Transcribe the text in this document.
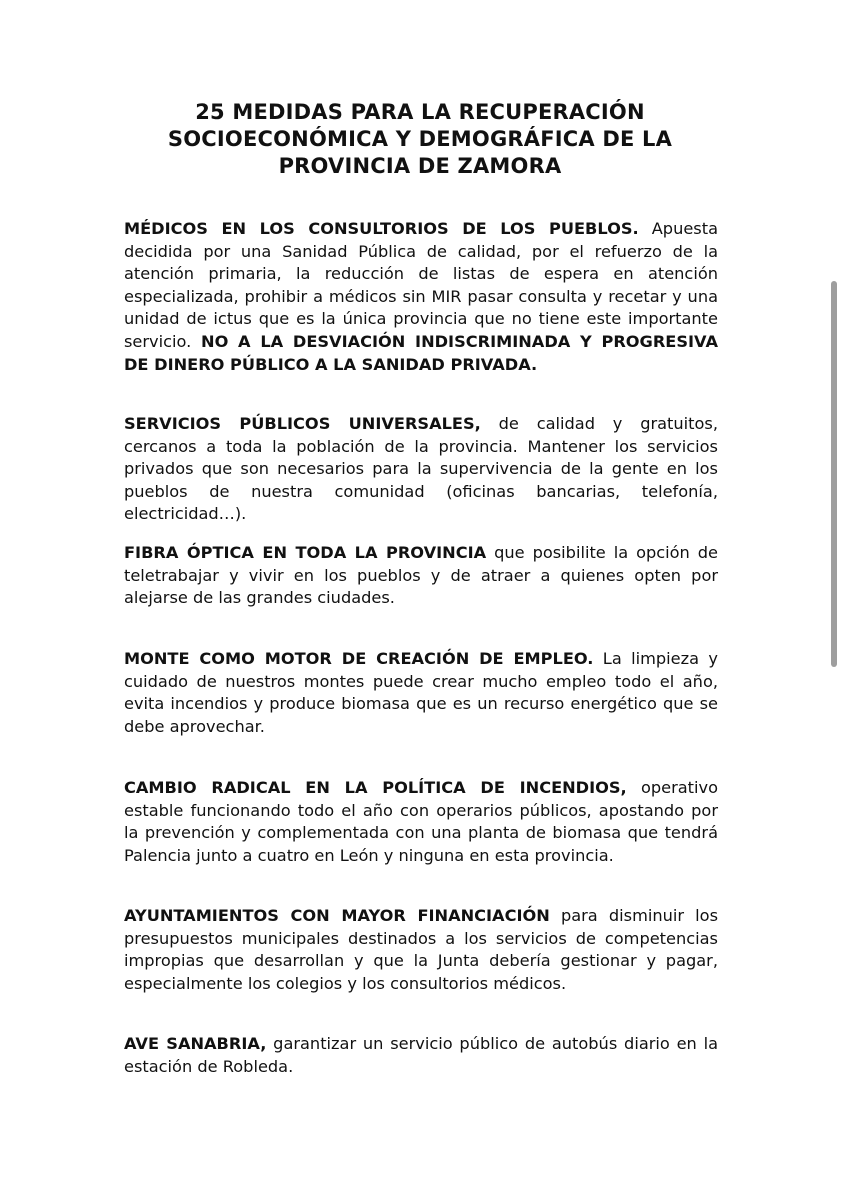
25 MEDIDAS PARA LA RECUPERACIÓN
SOCIOECONÓMICA Y DEMOGRÁFICA DE LA
PROVINCIA DE ZAMORA

MÉDICOS EN LOS CONSULTORIOS DE LOS PUEBLOS. Apuesta decidida por una Sanidad Pública de calidad, por el refuerzo de la atención primaria, la reducción de listas de espera en atención especializada, prohibir a médicos sin MIR pasar consulta y recetar y una unidad de ictus que es la única provincia que no tiene este importante servicio. NO A LA DESVIACIÓN INDISCRIMINADA Y PROGRESIVA DE DINERO PÚBLICO A LA SANIDAD PRIVADA.

SERVICIOS PÚBLICOS UNIVERSALES, de calidad y gratuitos, cercanos a toda la población de la provincia. Mantener los servicios privados que son necesarios para la supervivencia de la gente en los pueblos de nuestra comunidad (oficinas bancarias, telefonía, electricidad…).

FIBRA ÓPTICA EN TODA LA PROVINCIA que posibilite la opción de teletrabajar y vivir en los pueblos y de atraer a quienes opten por alejarse de las grandes ciudades.

MONTE COMO MOTOR DE CREACIÓN DE EMPLEO. La limpieza y cuidado de nuestros montes puede crear mucho empleo todo el año, evita incendios y produce biomasa que es un recurso energético que se debe aprovechar.

CAMBIO RADICAL EN LA POLÍTICA DE INCENDIOS, operativo estable funcionando todo el año con operarios públicos, apostando por la prevención y complementada con una planta de biomasa que tendrá Palencia junto a cuatro en León y ninguna en esta provincia.

AYUNTAMIENTOS CON MAYOR FINANCIACIÓN para disminuir los presupuestos municipales destinados a los servicios de competencias impropias que desarrollan y que la Junta debería gestionar y pagar, especialmente los colegios y los consultorios médicos.

AVE SANABRIA, garantizar un servicio público de autobús diario en la estación de Robleda.
